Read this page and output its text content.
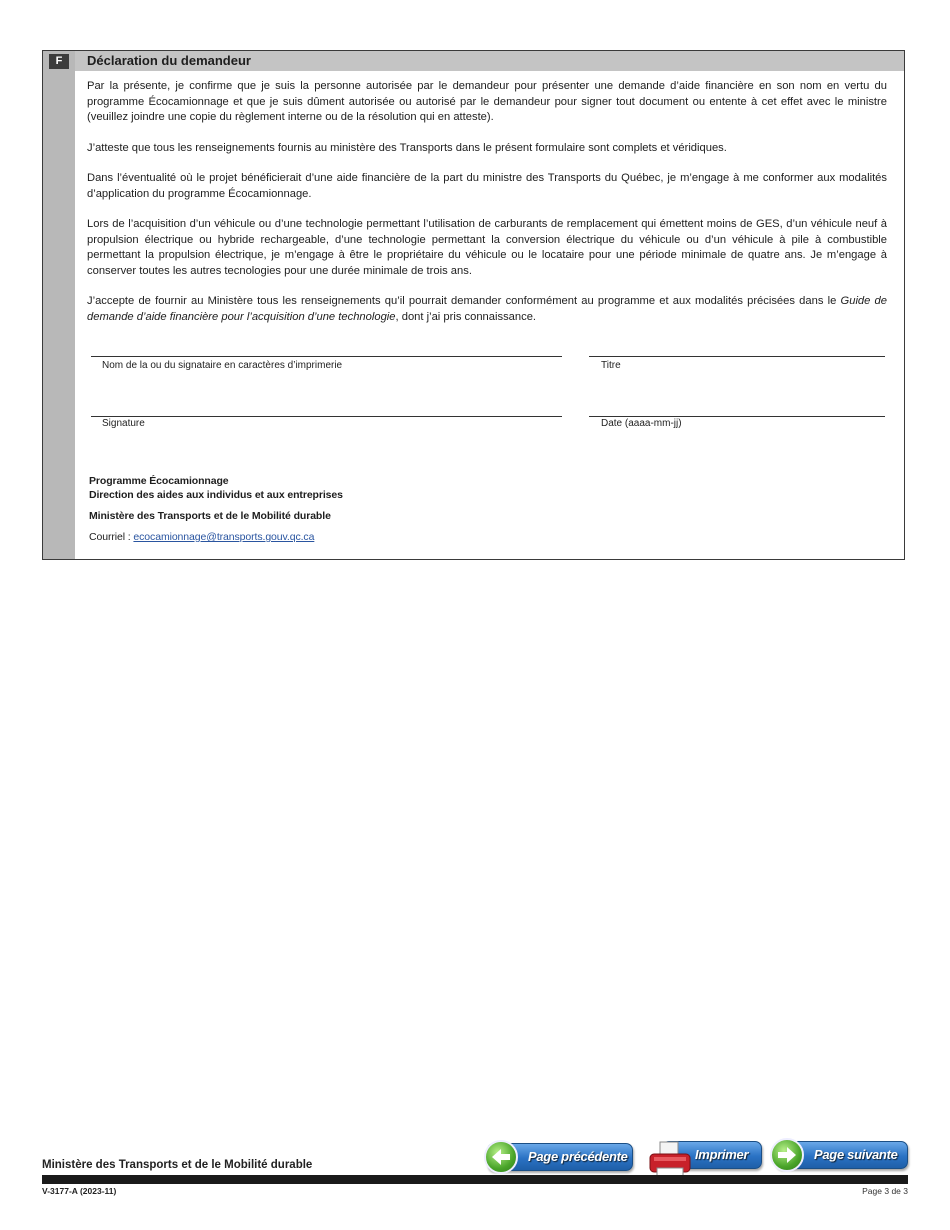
F	Déclaration du demandeur

Par la présente, je confirme que je suis la personne autorisée par le demandeur pour présenter une demande d’aide financière en son nom en vertu du programme Écocamionnage et que je suis dûment autorisée ou autorisé par le demandeur pour signer tout document ou entente à cet effet avec le ministre (veuillez joindre une copie du règlement interne ou de la résolution qui en atteste).

J’atteste que tous les renseignements fournis au ministère des Transports dans le présent formulaire sont complets et véridiques.

Dans l’éventualité où le projet bénéficierait d’une aide financière de la part du ministre des Transports du Québec, je m’engage à me conformer aux modalités d’application du programme Écocamionnage.

Lors de l’acquisition d’un véhicule ou d’une technologie permettant l’utilisation de carburants de remplacement qui émettent moins de GES, d’un véhicule neuf à propulsion électrique ou hybride rechargeable, d’une technologie permettant la conversion électrique du véhicule ou d’un véhicule à pile à combustible permettant la propulsion électrique, je m’engage à être le propriétaire du véhicule ou le locataire pour une période minimale de quatre ans. Je m’engage à conserver toutes les autres tecnologies pour une durée minimale de trois ans.

J’accepte de fournir au Ministère tous les renseignements qu’il pourrait demander conformément au programme et aux modalités précisées dans le Guide de demande d’aide financière pour l’acquisition d’une technologie, dont j’ai pris connaissance.

Nom de la ou du signataire en caractères d’imprimerie	Titre
Signature	Date (aaaa-mm-jj)
Programme Écocamionnage
Direction des aides aux individus et aux entreprises
Ministère des Transports et de le Mobilité durable
Courriel : ecocamionnage@transports.gouv.qc.ca
Page précédente	Imprimer	Page suivante
Ministère des Transports et de le Mobilité durable
V-3177-A (2023-11)	Page 3 de 3
